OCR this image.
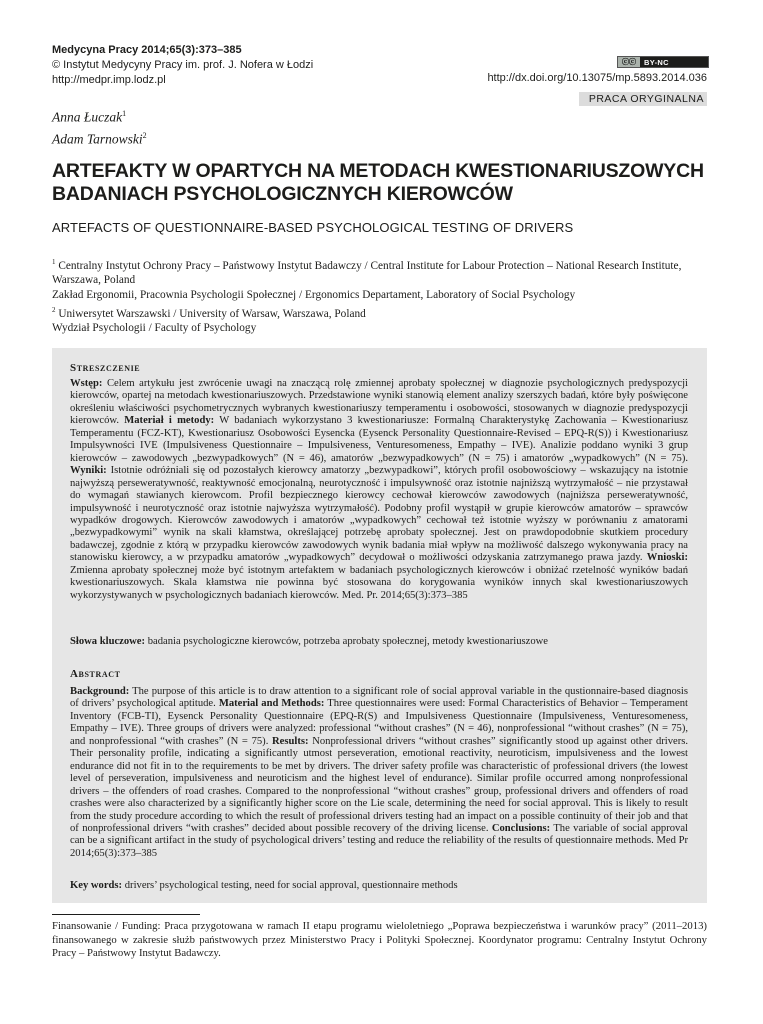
Medycyna Pracy 2014;65(3):373–385
© Instytut Medycyny Pracy im. prof. J. Nofera w Łodzi
http://medpr.imp.lodz.pl
ⓒⓒ	BY-NC
http://dx.doi.org/10.13075/mp.5893.2014.036
PRACA ORYGINALNA
Anna Łuczak$^1$
Adam Tarnowski$^2$
ARTEFAKTY W OPARTYCH NA METODACH KWESTIONARIUSZOWYCH BADANIACH PSYCHOLOGICZNYCH KIEROWCÓW
ARTEFACTS OF QUESTIONNAIRE-BASED PSYCHOLOGICAL TESTING OF DRIVERS
$^1$ Centralny Instytut Ochrony Pracy – Państwowy Instytut Badawczy / Central Institute for Labour Protection – National Research Institute, Warszawa, Poland
Zakład Ergonomii, Pracownia Psychologii Społecznej / Ergonomics Departament, Laboratory of Social Psychology
$^2$ Uniwersytet Warszawski / University of Warsaw, Warszawa, Poland
Wydział Psychologii / Faculty of Psychology
Streszczenie
Wstęp: Celem artykułu jest zwrócenie uwagi na znaczącą rolę zmiennej aprobaty społecznej w diagnozie psychologicznych predyspozycji kierowców, opartej na metodach kwestionariuszowych. Przedstawione wyniki stanowią element analizy szerszych badań, które były poświęcone określeniu właściwości psychometrycznych wybranych kwestionariuszy temperamentu i osobowości, stosowanych w diagnozie predyspozycji kierowców. Materiał i metody: W badaniach wykorzystano 3 kwestionariusze: Formalną Charakterystykę Zachowania – Kwestionariusz Temperamentu (FCZ-KT), Kwestionariusz Osobowości Eysencka (Eysenck Personality Questionnaire-Revised – EPQ-R(S)) i Kwestionariusz Impulsywności IVE (Impulsiveness Questionnaire – Impulsiveness, Venturesomeness, Empathy – IVE). Analizie poddano wyniki 3 grup kierowców – zawodowych „bezwypadkowych” (N = 46), amatorów „bezwypadkowych” (N = 75) i amatorów „wypadkowych” (N = 75). Wyniki: Istotnie odróżniali się od pozostałych kierowcy amatorzy „bezwypadkowi”, których profil osobowościowy – wskazujący na istotnie najwyższą perseweratywność, reaktywność emocjonalną, neurotyczność i impulsywność oraz istotnie najniższą wytrzymałość – nie przystawał do wymagań stawianych kierowcom. Profil bezpiecznego kierowcy cechował kierowców zawodowych (najniższa perseweratywność, impulsywność i neurotyczność oraz istotnie najwyższa wytrzymałość). Podobny profil wystąpił w grupie kierowców amatorów – sprawców wypadków drogowych. Kierowców zawodowych i amatorów „wypadkowych” cechował też istotnie wyższy w porównaniu z amatorami „bezwypadkowymi” wynik na skali kłamstwa, określającej potrzebę aprobaty społecznej. Jest on prawdopodobnie skutkiem procedury badawczej, zgodnie z którą w przypadku kierowców zawodowych wynik badania miał wpływ na możliwość dalszego wykonywania pracy na stanowisku kierowcy, a w przypadku amatorów „wypadkowych” decydował o możliwości odzyskania zatrzymanego prawa jazdy. Wnioski: Zmienna aprobaty społecznej może być istotnym artefaktem w badaniach psychologicznych kierowców i obniżać rzetelność wyników badań kwestionariuszowych. Skala kłamstwa nie powinna być stosowana do korygowania wyników innych skal kwestionariuszowych wykorzystywanych w psychologicznych badaniach kierowców. Med. Pr. 2014;65(3):373–385
Słowa kluczowe: badania psychologiczne kierowców, potrzeba aprobaty społecznej, metody kwestionariuszowe
Abstract
Background: The purpose of this article is to draw attention to a significant role of social approval variable in the qustionnaire-based diagnosis of drivers’ psychological aptitude. Material and Methods: Three questionnaires were used: Formal Characteristics of Behavior – Temperament Inventory (FCB-TI), Eysenck Personality Questionnaire (EPQ-R(S) and Impulsiveness Questionnaire (Impulsiveness, Venturesomeness, Empathy – IVE). Three groups of drivers were analyzed: professional “without crashes” (N = 46), nonprofessional “without crashes” (N = 75), and nonprofessional “with crashes” (N = 75). Results: Nonprofessional drivers “without crashes” significantly stood up against other drivers. Their personality profile, indicating a significantly utmost perseveration, emotional reactivity, neuroticism, impulsiveness and the lowest endurance did not fit in to the requirements to be met by drivers. The driver safety profile was characteristic of professional drivers (the lowest level of perseveration, impulsiveness and neuroticism and the highest level of endurance). Similar profile occurred among nonprofessional drivers – the offenders of road crashes. Compared to the nonprofessional “without crashes” group, professional drivers and offenders of road crashes were also characterized by a significantly higher score on the Lie scale, determining the need for social approval. This is likely to result from the study procedure according to which the result of professional drivers testing had an impact on a possible continuity of their job and that of nonprofessional drivers “with crashes” decided about possible recovery of the driving license. Conclusions: The variable of social approval can be a significant artifact in the study of psychological drivers’ testing and reduce the reliability of the results of questionnaire methods. Med Pr 2014;65(3):373–385
Key words: drivers’ psychological testing, need for social approval, questionnaire methods
Finansowanie / Funding: Praca przygotowana w ramach II etapu programu wieloletniego „Poprawa bezpieczeństwa i warunków pracy” (2011–2013) finansowanego w zakresie służb państwowych przez Ministerstwo Pracy i Polityki Społecznej. Koordynator programu: Centralny Instytut Ochrony Pracy – Państwowy Instytut Badawczy.
